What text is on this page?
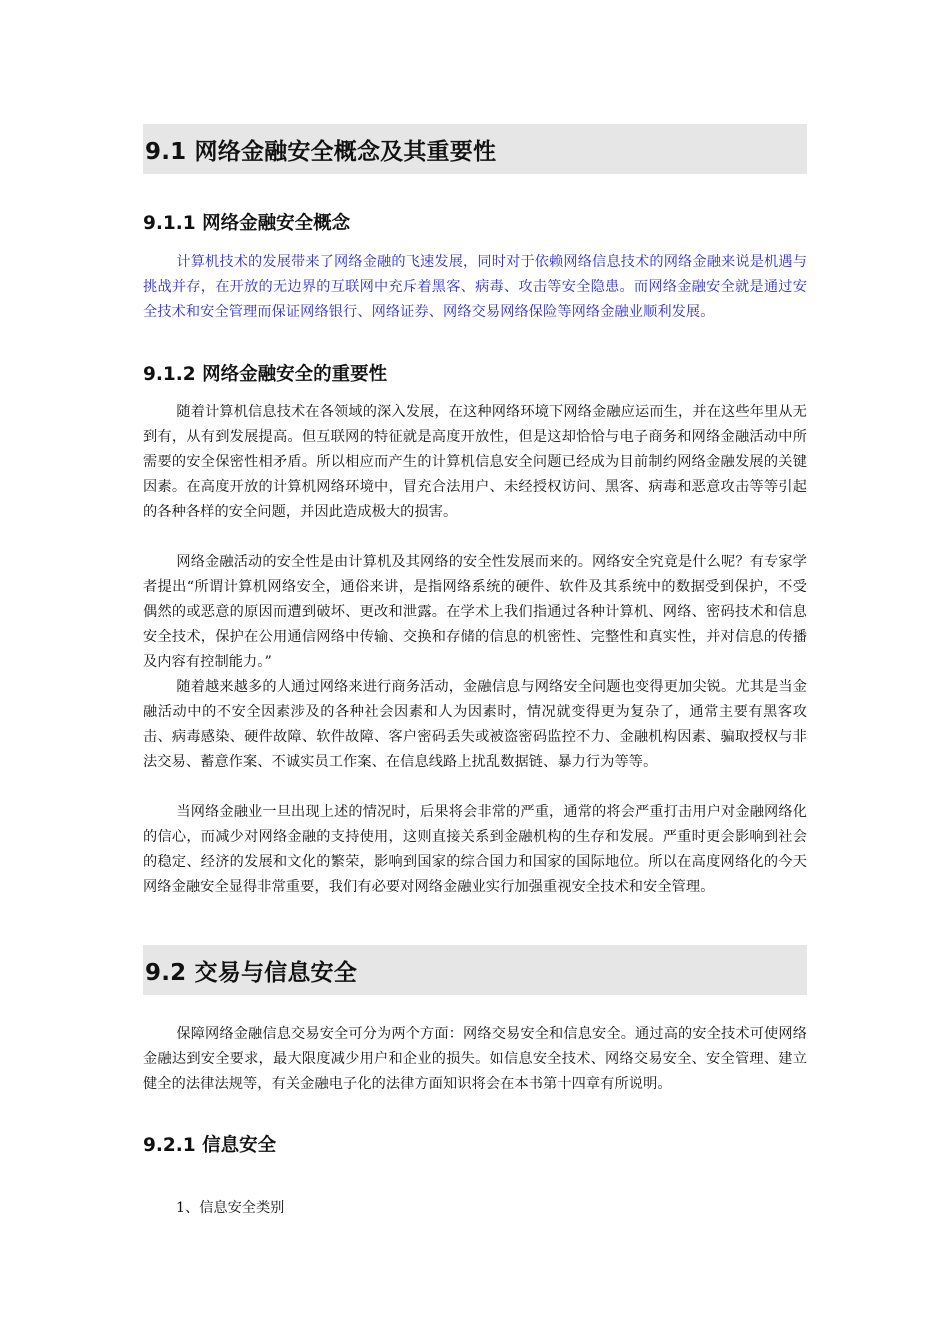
9.1 网络金融安全概念及其重要性
9.1.1 网络金融安全概念

计算机技术的发展带来了网络金融的飞速发展，同时对于依赖网络信息技术的网络金融来说是机遇与挑战并存，在开放的无边界的互联网中充斥着黑客、病毒、攻击等安全隐患。而网络金融安全就是通过安全技术和安全管理而保证网络银行、网络证券、网络交易网络保险等网络金融业顺利发展。

9.1.2 网络金融安全的重要性

随着计算机信息技术在各领域的深入发展，在这种网络环境下网络金融应运而生，并在这些年里从无到有，从有到发展提高。但互联网的特征就是高度开放性，但是这却恰恰与电子商务和网络金融活动中所需要的安全保密性相矛盾。所以相应而产生的计算机信息安全问题已经成为目前制约网络金融发展的关键因素。在高度开放的计算机网络环境中，冒充合法用户、未经授权访问、黑客、病毒和恶意攻击等等引起的各种各样的安全问题，并因此造成极大的损害。

网络金融活动的安全性是由计算机及其网络的安全性发展而来的。网络安全究竟是什么呢？有专家学者提出“所谓计算机网络安全，通俗来讲，是指网络系统的硬件、软件及其系统中的数据受到保护，不受偶然的或恶意的原因而遭到破坏、更改和泄露。在学术上我们指通过各种计算机、网络、密码技术和信息安全技术，保护在公用通信网络中传输、交换和存储的信息的机密性、完整性和真实性，并对信息的传播及内容有控制能力。”

随着越来越多的人通过网络来进行商务活动，金融信息与网络安全问题也变得更加尖锐。尤其是当金融活动中的不安全因素涉及的各种社会因素和人为因素时，情况就变得更为复杂了，通常主要有黑客攻击、病毒感染、硬件故障、软件故障、客户密码丢失或被盗密码监控不力、金融机构因素、骗取授权与非法交易、蓄意作案、不诚实员工作案、在信息线路上扰乱数据链、暴力行为等等。

当网络金融业一旦出现上述的情况时，后果将会非常的严重，通常的将会严重打击用户对金融网络化的信心，而减少对网络金融的支持使用，这则直接关系到金融机构的生存和发展。严重时更会影响到社会的稳定、经济的发展和文化的繁荣，影响到国家的综合国力和国家的国际地位。所以在高度网络化的今天网络金融安全显得非常重要，我们有必要对网络金融业实行加强重视安全技术和安全管理。

9.2 交易与信息安全

保障网络金融信息交易安全可分为两个方面：网络交易安全和信息安全。通过高的安全技术可使网络金融达到安全要求，最大限度减少用户和企业的损失。如信息安全技术、网络交易安全、安全管理、建立健全的法律法规等，有关金融电子化的法律方面知识将会在本书第十四章有所说明。

9.2.1 信息安全

1、信息安全类别
